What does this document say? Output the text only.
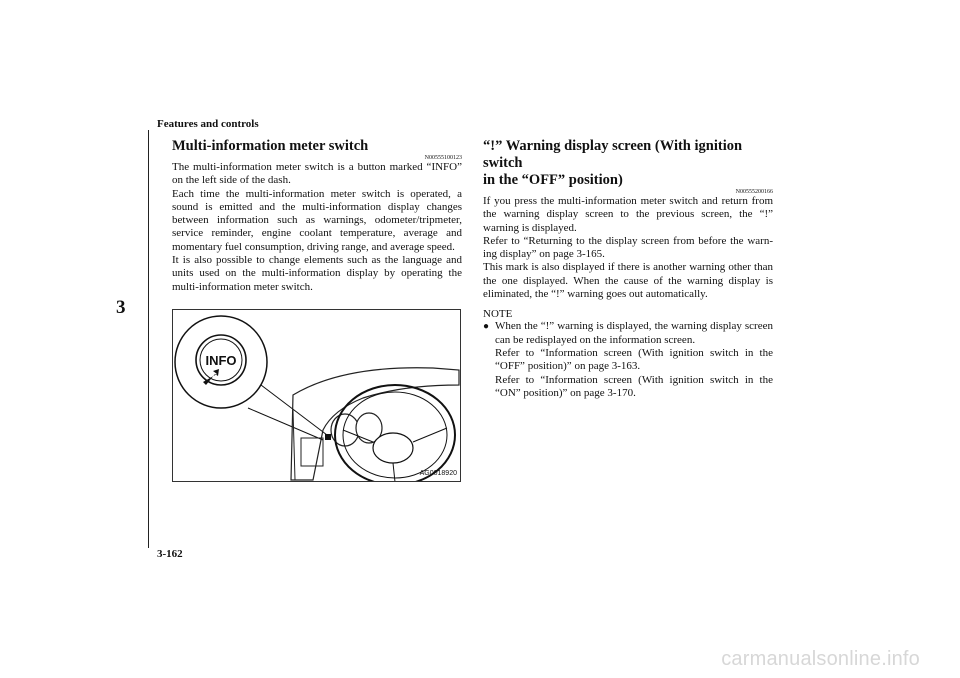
Features and controls
3
Multi-information meter switch
N00555100123

The multi-information meter switch is a button marked “INFO” on the left side of the dash.

Each time the multi-information meter switch is operated, a sound is emitted and the multi-information display changes between information such as warnings, odometer/tripmeter, service reminder, engine coolant temperature, average and momentary fuel consumption, driving range, and average speed.

It is also possible to change elements such as the language and units used on the multi-information display by operating the multi-information meter switch.

INFO
AG0018920
“!” Warning display screen (With ignition switch
in the “OFF” position)
N00555200166

If you press the multi-information meter switch and return from the warning display screen to the previous screen, the “!” warning is displayed.

Refer to “Returning to the display screen from before the warn-ing display” on page 3-165.

This mark is also displayed if there is another warning other than the one displayed. When the cause of the warning display is eliminated, the “!” warning goes out automatically.

NOTE
● When the “!” warning is displayed, the warning display screen can be redisplayed on the information screen.

Refer to “Information screen (With ignition switch in the “OFF” position)” on page 3-163.

Refer to “Information screen (With ignition switch in the “ON” position)” on page 3-170.

3-162
carmanualsonline.info
